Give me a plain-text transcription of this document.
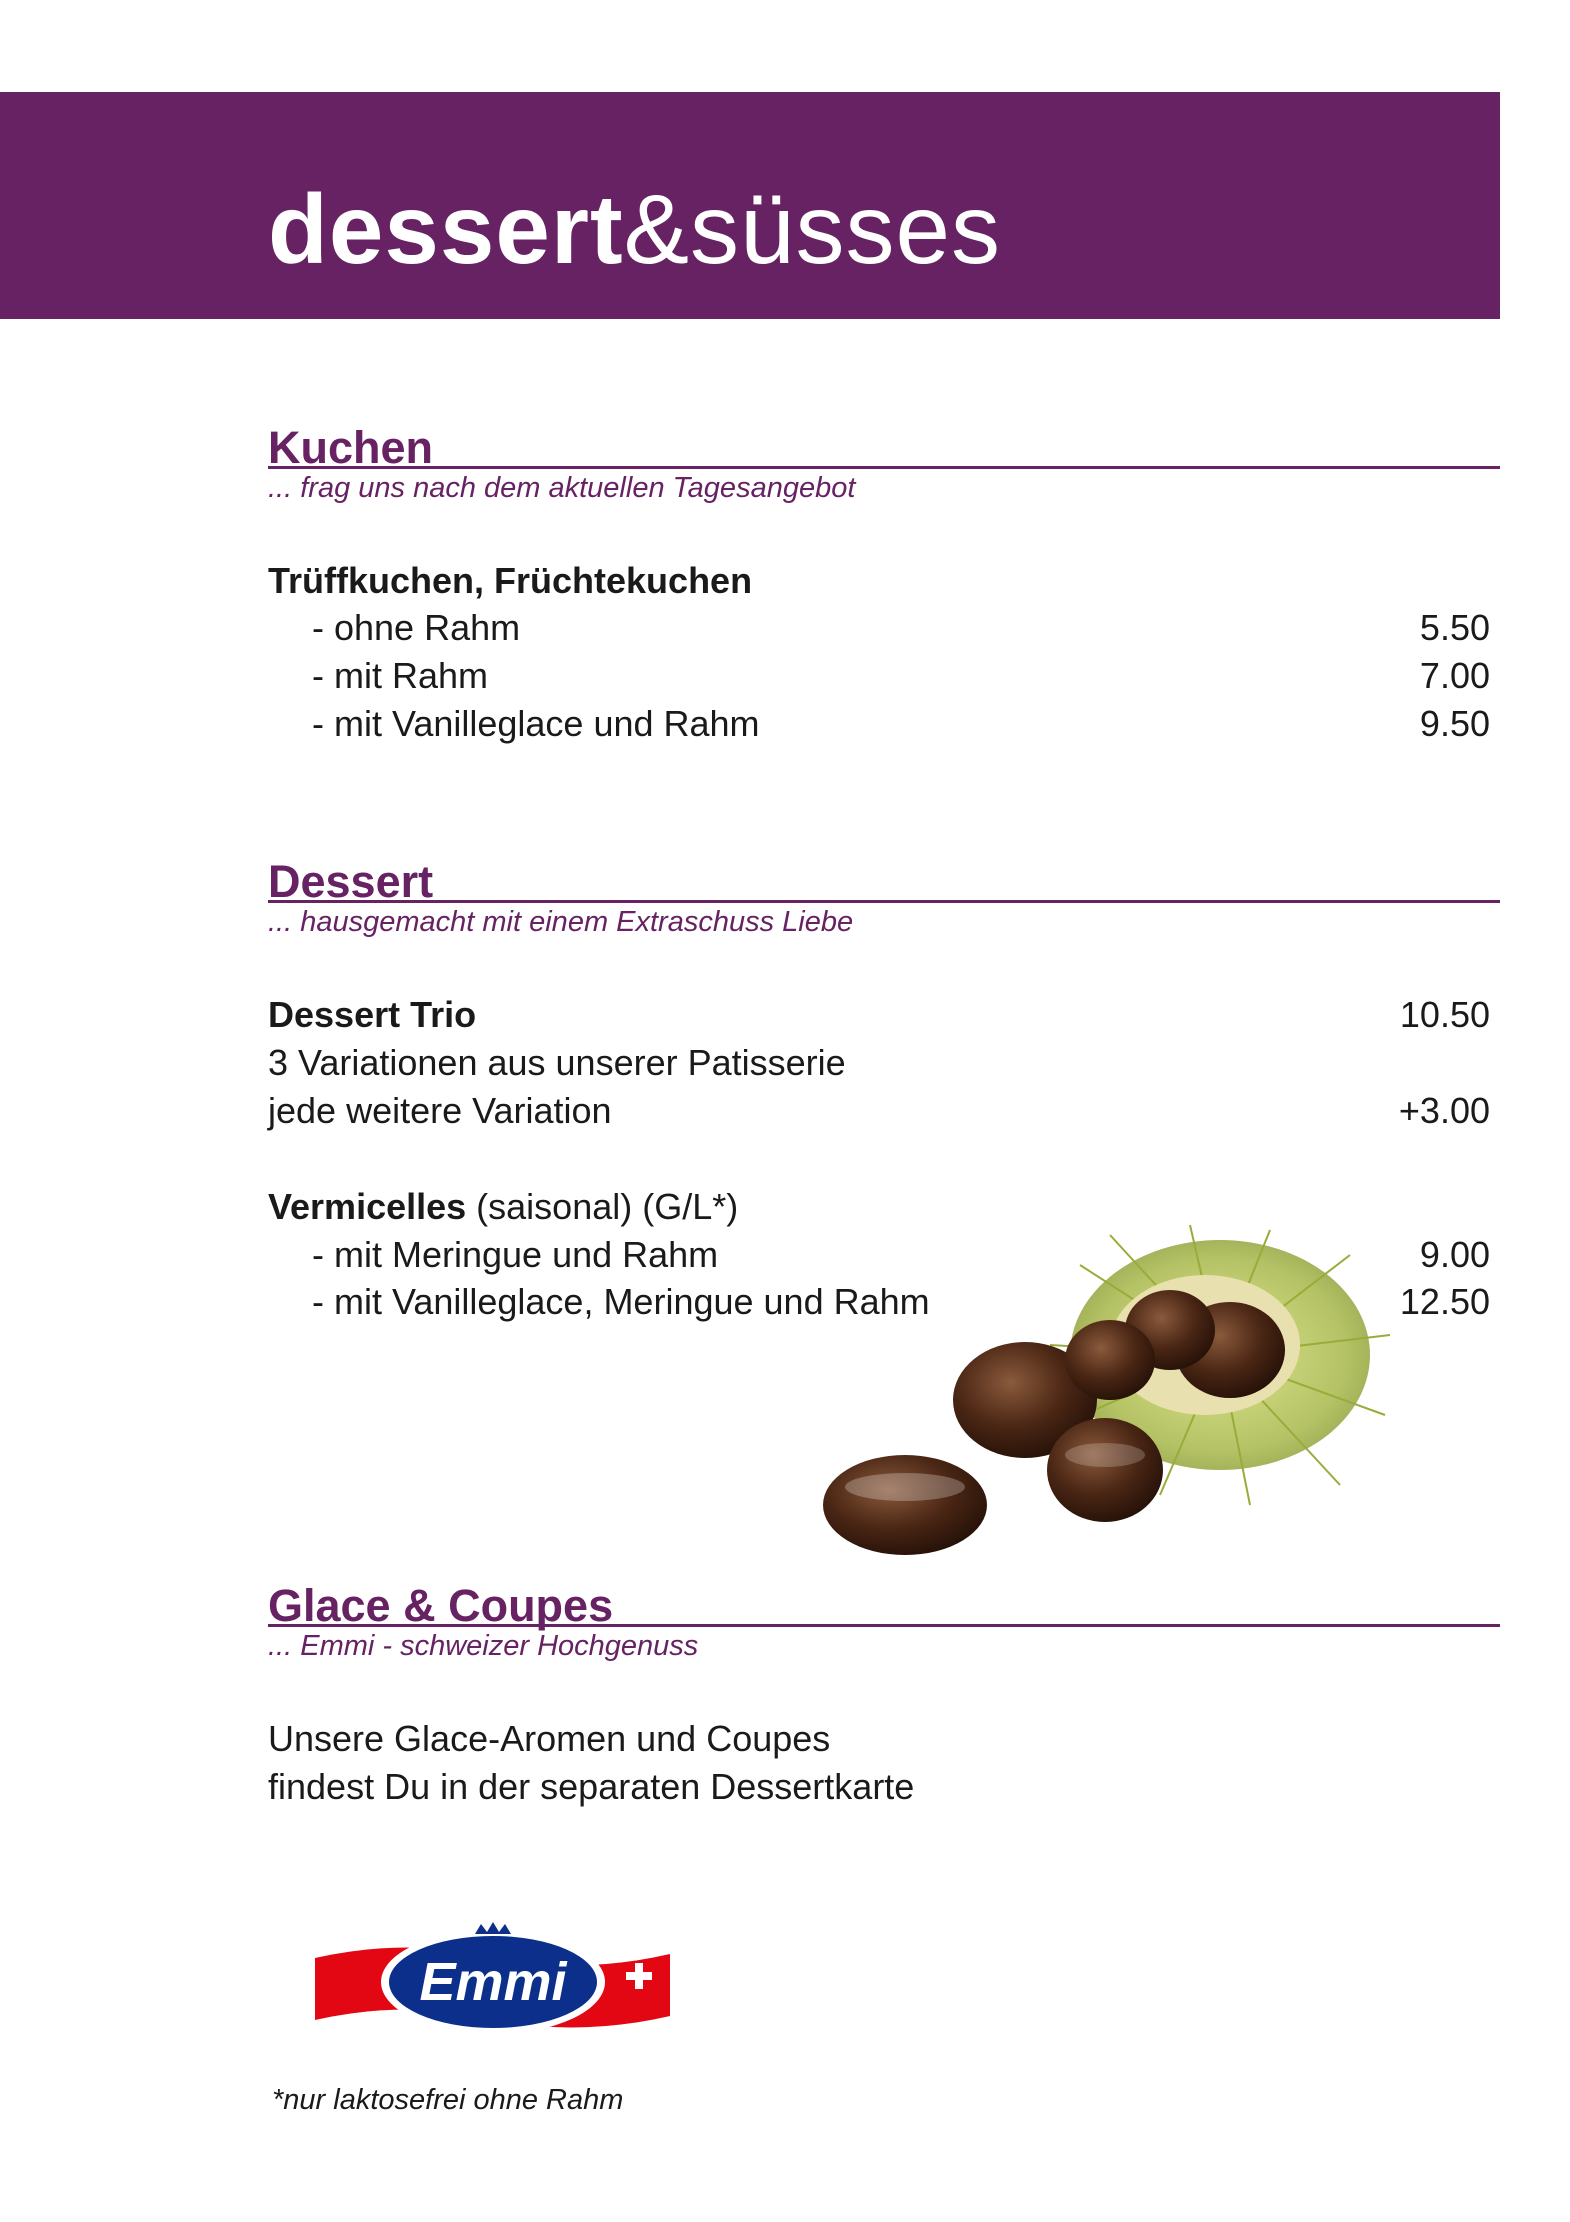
dessert&süsses
Kuchen
... frag uns nach dem aktuellen Tagesangebot
Trüffkuchen, Früchtekuchen
- ohne Rahm	5.50
- mit Rahm	7.00
- mit Vanilleglace und Rahm	9.50
Dessert
... hausgemacht mit einem Extraschuss Liebe
Dessert Trio	10.50
3 Variationen aus unserer Patisserie
jede weitere Variation	+3.00
Vermicelles (saisonal) (G/L*)
- mit Meringue und Rahm	9.00
- mit Vanilleglace, Meringue und Rahm	12.50
Glace & Coupes
... Emmi - schweizer Hochgenuss
Unsere Glace-Aromen und Coupes
findest Du in der separaten Dessertkarte
Emmi
*nur laktosefrei ohne Rahm
